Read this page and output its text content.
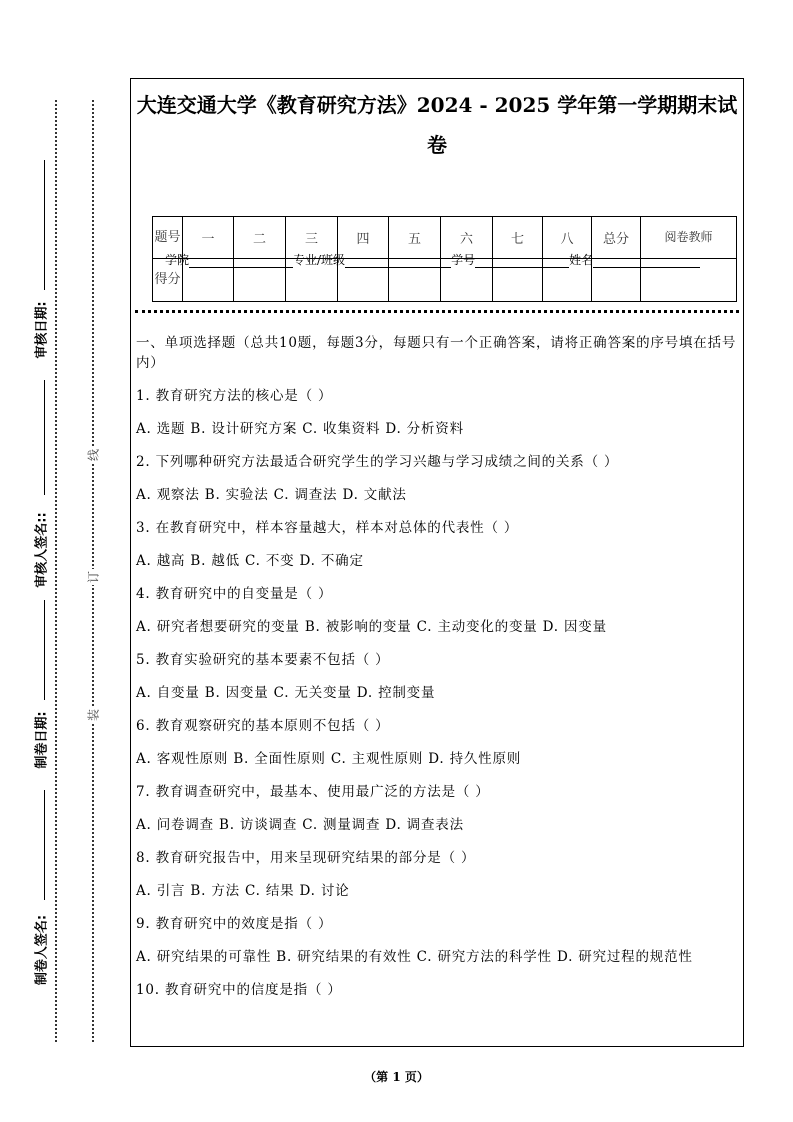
制卷人签名:
制卷日期:
审核人签名::
审核日期:
装
订
线
大连交通大学《教育研究方法》2024 - 2025 学年第一学期期末试卷
学院	专业/班级	学号	姓名
题号	一	二	三	四	五	六	七	八	总分	阅卷教师
得分										
一、单项选择题（总共10题，每题3分，每题只有一个正确答案，请将正确答案的序号填在括号内）
1. 教育研究方法的核心是（ ）
A. 选题 B. 设计研究方案 C. 收集资料 D. 分析资料
2. 下列哪种研究方法最适合研究学生的学习兴趣与学习成绩之间的关系（ ）
A. 观察法 B. 实验法 C. 调查法 D. 文献法
3. 在教育研究中，样本容量越大，样本对总体的代表性（ ）
A. 越高 B. 越低 C. 不变 D. 不确定
4. 教育研究中的自变量是（ ）
A. 研究者想要研究的变量 B. 被影响的变量 C. 主动变化的变量 D. 因变量
5. 教育实验研究的基本要素不包括（ ）
A. 自变量 B. 因变量 C. 无关变量 D. 控制变量
6. 教育观察研究的基本原则不包括（ ）
A. 客观性原则 B. 全面性原则 C. 主观性原则 D. 持久性原则
7. 教育调查研究中，最基本、使用最广泛的方法是（ ）
A. 问卷调查 B. 访谈调查 C. 测量调查 D. 调查表法
8. 教育研究报告中，用来呈现研究结果的部分是（ ）
A. 引言 B. 方法 C. 结果 D. 讨论
9. 教育研究中的效度是指（ ）
A. 研究结果的可靠性 B. 研究结果的有效性 C. 研究方法的科学性 D. 研究过程的规范性
10. 教育研究中的信度是指（ ）
（第 1 页）
